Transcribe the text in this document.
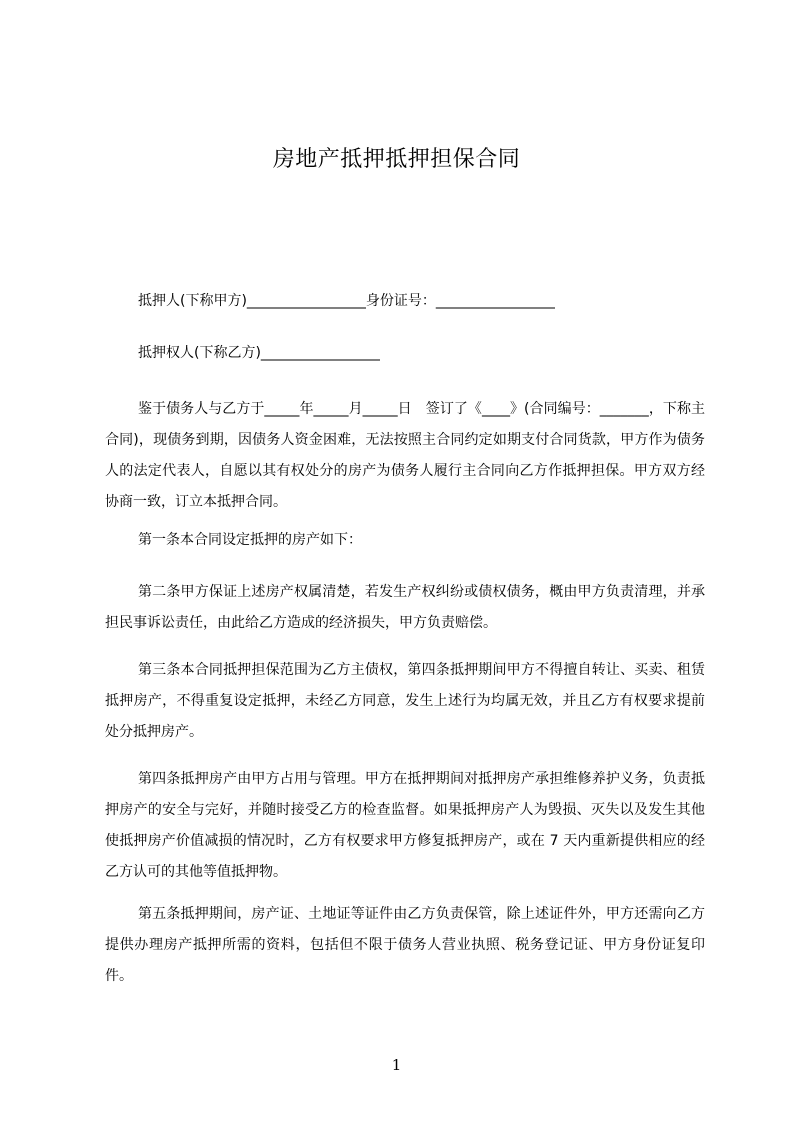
房地产抵押抵押担保合同
抵押人(下称甲方)_________________身份证号：_________________
抵押权人(下称乙方)_________________
鉴于债务人与乙方于_____年_____月_____日　签订了《____》(合同编号：_______，下称主合同)，现债务到期，因债务人资金困难，无法按照主合同约定如期支付合同货款，甲方作为债务人的法定代表人，自愿以其有权处分的房产为债务人履行主合同向乙方作抵押担保。甲方双方经协商一致，订立本抵押合同。
第一条本合同设定抵押的房产如下：
第二条甲方保证上述房产权属清楚，若发生产权纠纷或债权债务，概由甲方负责清理，并承担民事诉讼责任，由此给乙方造成的经济损失，甲方负责赔偿。
第三条本合同抵押担保范围为乙方主债权，第四条抵押期间甲方不得擅自转让、买卖、租赁抵押房产，不得重复设定抵押，未经乙方同意，发生上述行为均属无效，并且乙方有权要求提前处分抵押房产。
第四条抵押房产由甲方占用与管理。甲方在抵押期间对抵押房产承担维修养护义务，负责抵押房产的安全与完好，并随时接受乙方的检查监督。如果抵押房产人为毁损、灭失以及发生其他使抵押房产价值减损的情况时，乙方有权要求甲方修复抵押房产，或在 7 天内重新提供相应的经乙方认可的其他等值抵押物。
第五条抵押期间，房产证、土地证等证件由乙方负责保管，除上述证件外，甲方还需向乙方提供办理房产抵押所需的资料，包括但不限于债务人营业执照、税务登记证、甲方身份证复印件。
1
